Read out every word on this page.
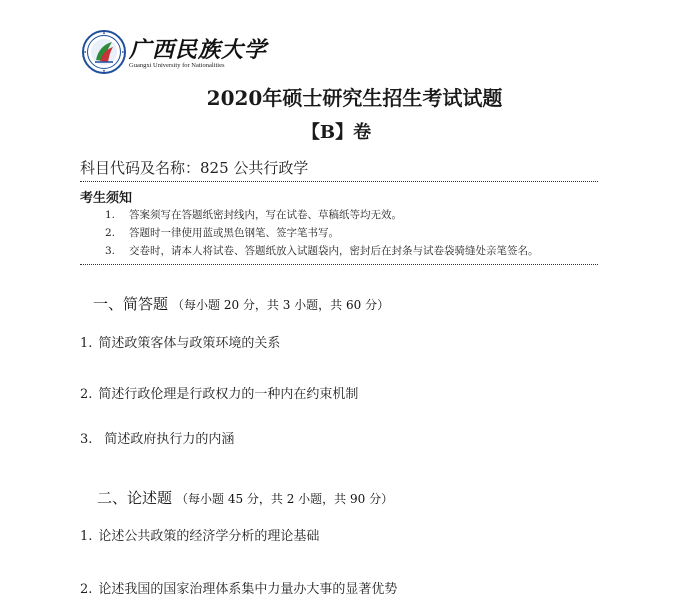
广西民族大学
Guangxi University for Nationalities
2020年硕士研究生招生考试试题
【B】卷
科目代码及名称：825 公共行政学
考生须知
1. 答案须写在答题纸密封线内，写在试卷、草稿纸等均无效。
2. 答题时一律使用蓝或黑色钢笔、签字笔书写。
3. 交卷时，请本人将试卷、答题纸放入试题袋内，密封后在封条与试卷袋骑缝处亲笔签名。
一、简答题 （每小题 20 分，共 3 小题，共 60 分）
1. 简述政策客体与政策环境的关系
2. 简述行政伦理是行政权力的一种内在约束机制
3. 简述政府执行力的内涵
二、论述题 （每小题 45 分，共 2 小题，共 90 分）
1. 论述公共政策的经济学分析的理论基础
2. 论述我国的国家治理体系集中力量办大事的显著优势
